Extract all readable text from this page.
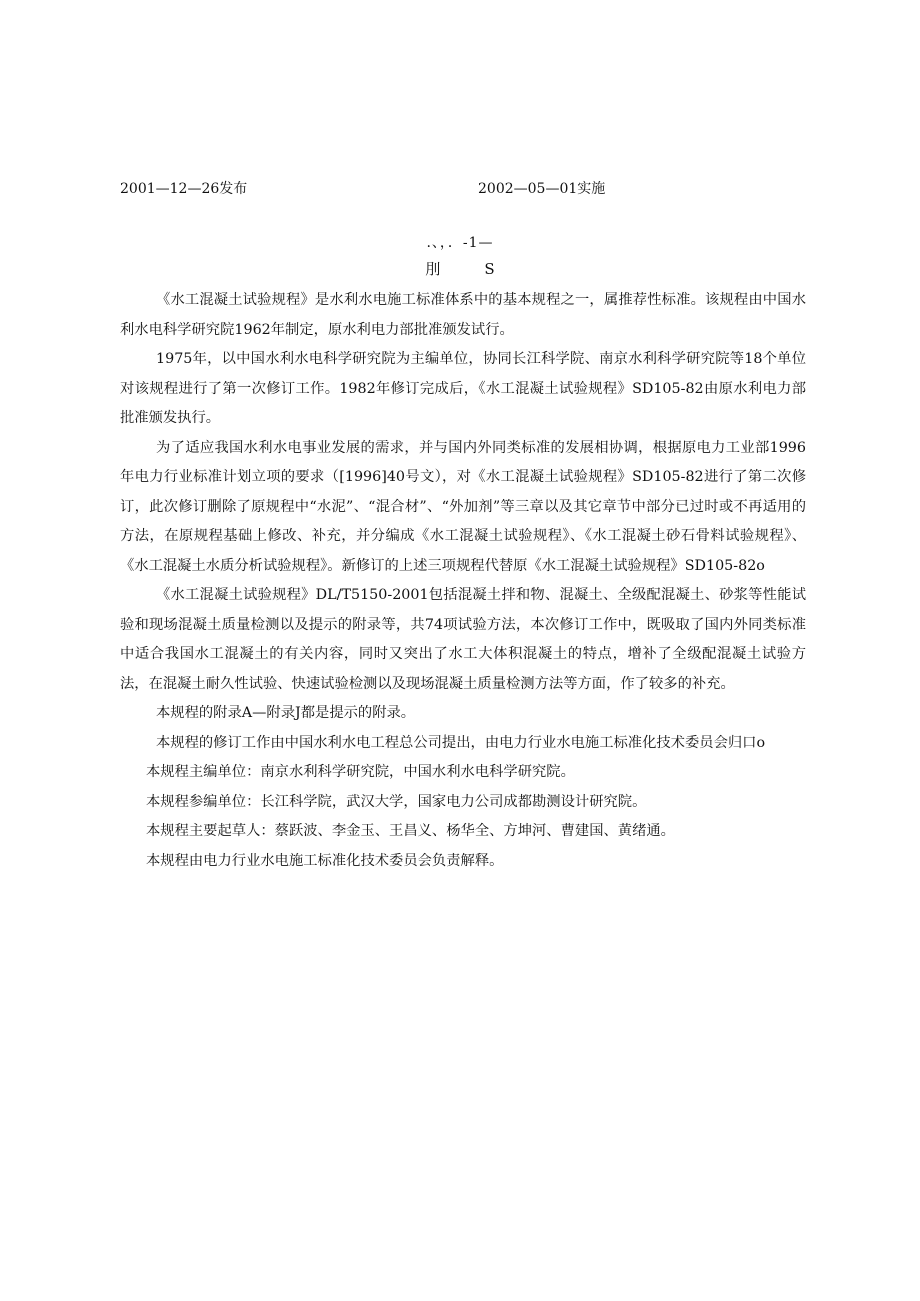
2001—12—26发布	2002—05—01实施
.、，．-1—
刖	S

《水工混凝土试验规程》是水利水电施工标准体系中的基本规程之一，属推荐性标准。该规程由中国水利水电科学研究院1962年制定，原水利电力部批准颁发试行。

1975年，以中国水利水电科学研究院为主编单位，协同长江科学院、南京水利科学研究院等18个单位对该规程进行了第一次修订工作。1982年修订完成后，《水工混凝土试验规程》SD105-82由原水利电力部批准颁发执行。

为了适应我国水利水电事业发展的需求，并与国内外同类标准的发展相协调，根据原电力工业部1996年电力行业标准计划立项的要求（[1996]40号文），对《水工混凝土试验规程》SD105-82进行了第二次修订，此次修订删除了原规程中“水泥”、“混合材”、“外加剂”等三章以及其它章节中部分已过时或不再适用的方法，在原规程基础上修改、补充，并分编成《水工混凝土试验规程》、《水工混凝土砂石骨料试验规程》、《水工混凝土水质分析试验规程》。新修订的上述三项规程代替原《水工混凝土试验规程》SD105-82o

《水工混凝土试验规程》DL/T5150-2001包括混凝土拌和物、混凝土、全级配混凝土、砂浆等性能试验和现场混凝土质量检测以及提示的附录等，共74项试验方法，本次修订工作中，既吸取了国内外同类标准中适合我国水工混凝土的有关内容，同时又突出了水工大体积混凝土的特点，增补了全级配混凝土试验方法，在混凝土耐久性试验、快速试验检测以及现场混凝土质量检测方法等方面，作了较多的补充。

本规程的附录A—附录J都是提示的附录。

本规程的修订工作由中国水利水电工程总公司提出，由电力行业水电施工标准化技术委员会归口o

本规程主编单位：南京水利科学研究院，中国水利水电科学研究院。

本规程参编单位：长江科学院，武汉大学，国家电力公司成都勘测设计研究院。

本规程主要起草人：蔡跃波、李金玉、王昌义、杨华全、方坤河、曹建国、黄绪通。

本规程由电力行业水电施工标准化技术委员会负责解释。
